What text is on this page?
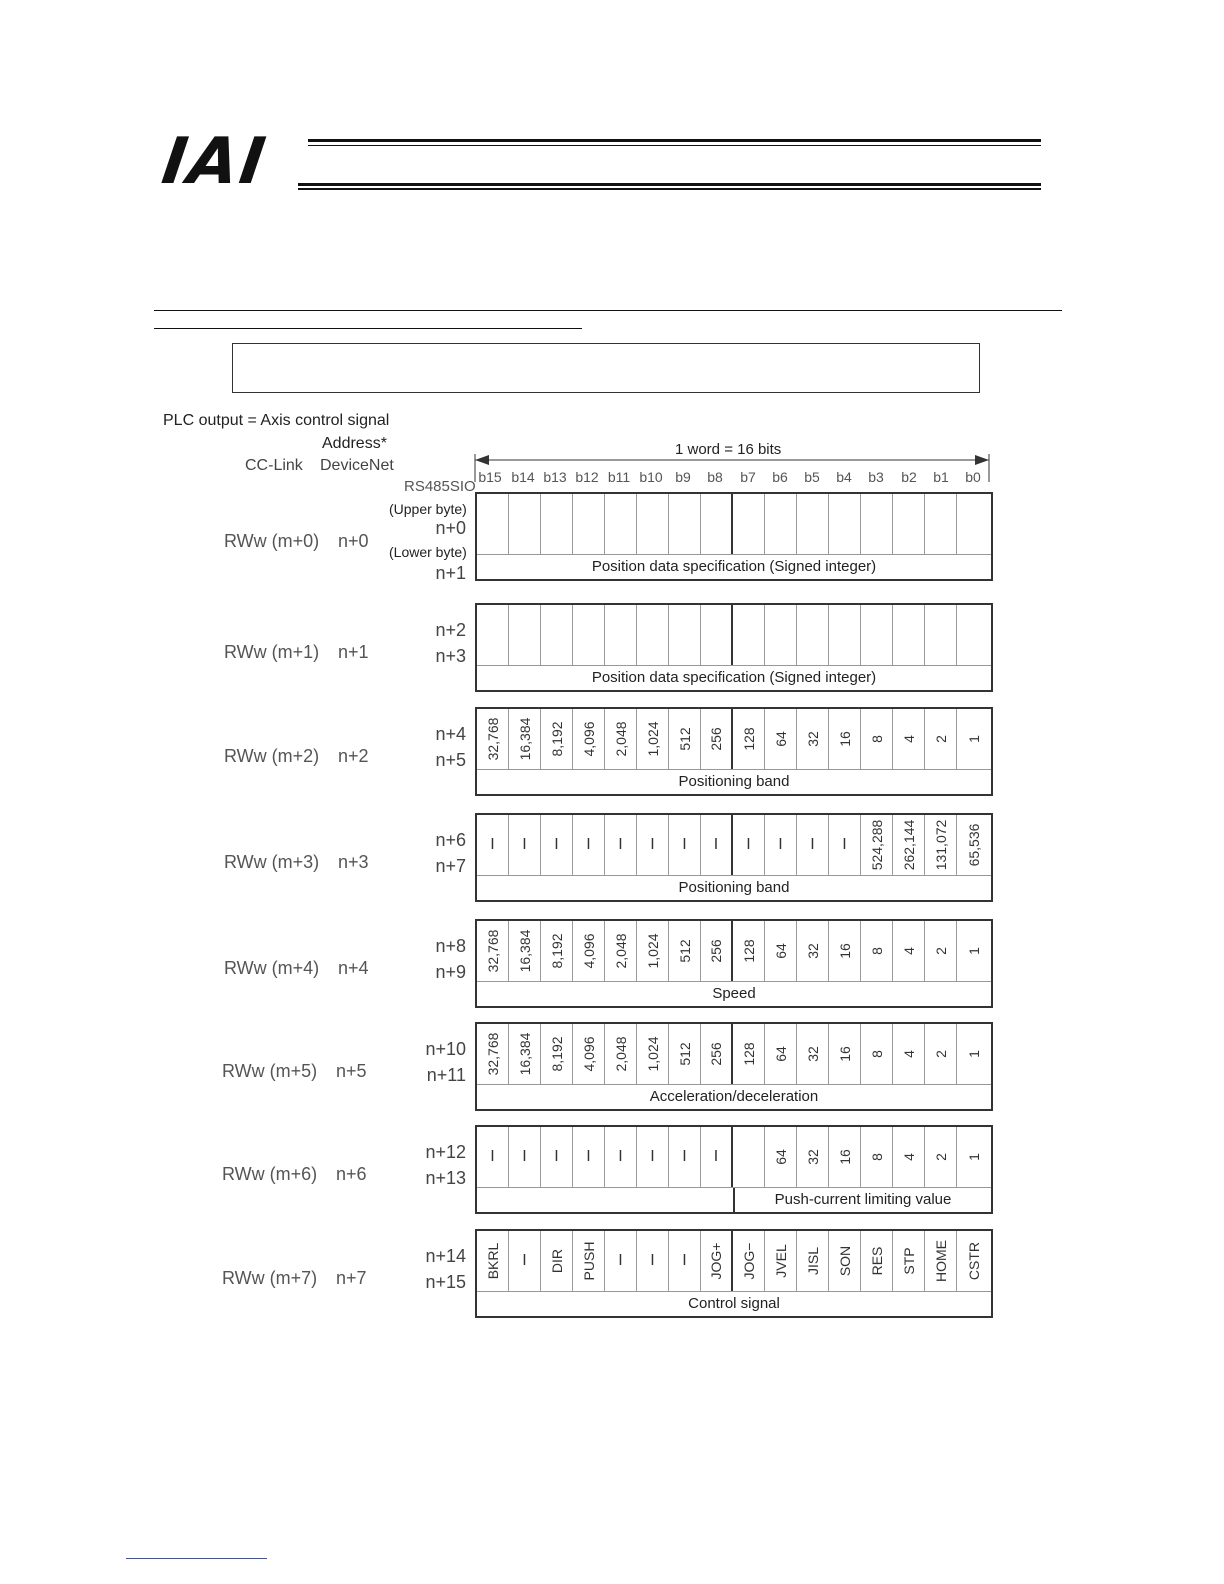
IAI
PLC output = Axis control signal
Address*
CC-Link DeviceNet
RS485SIO
1 word = 16 bits
b15 b14 b13 b12 b11 b10 b9	b8	b7	b6	b5	b4	b3	b2	b1	b0
(Upper byte)
(Lower byte)
RWw (m+0) n+0
n+0
n+1	Position data specification (Signed integer)
RWw (m+1) n+1
n+2
n+3
Position data specification (Signed integer)
RWw (m+2) n+2
n+4
n+5 32,768 16,384 8,192 4,096 2,048 1,024 512 256 128 64 32 16 8 4 2 1
Positioning band
RWw (m+3) n+3
n+6
n+7
I I I I I I I I I I I I 524,288 262,144 131,072 65,536
Positioning band
RWw (m+4) n+4
n+8
n+9 32,768 16,384 8,192 4,096 2,048 1,024 512 256 128 64 32 16 8 4 2 1
Speed
RWw (m+5) n+5
n+10
n+11 32,768 16,384 8,192 4,096 2,048 1,024 512 256 128 64 32 16 8 4 2 1
Acceleration/deceleration
RWw (m+6) n+6
n+12
n+13
I I I I I I I I	64 32 16 8 4 2 1
Push-current limiting value
RWw (m+7) n+7
n+14
n+15
BKRL I DIR PUSH I I I JOG+ JOG− JVEL JISL SON RES STP HOME CSTR
Control signal
